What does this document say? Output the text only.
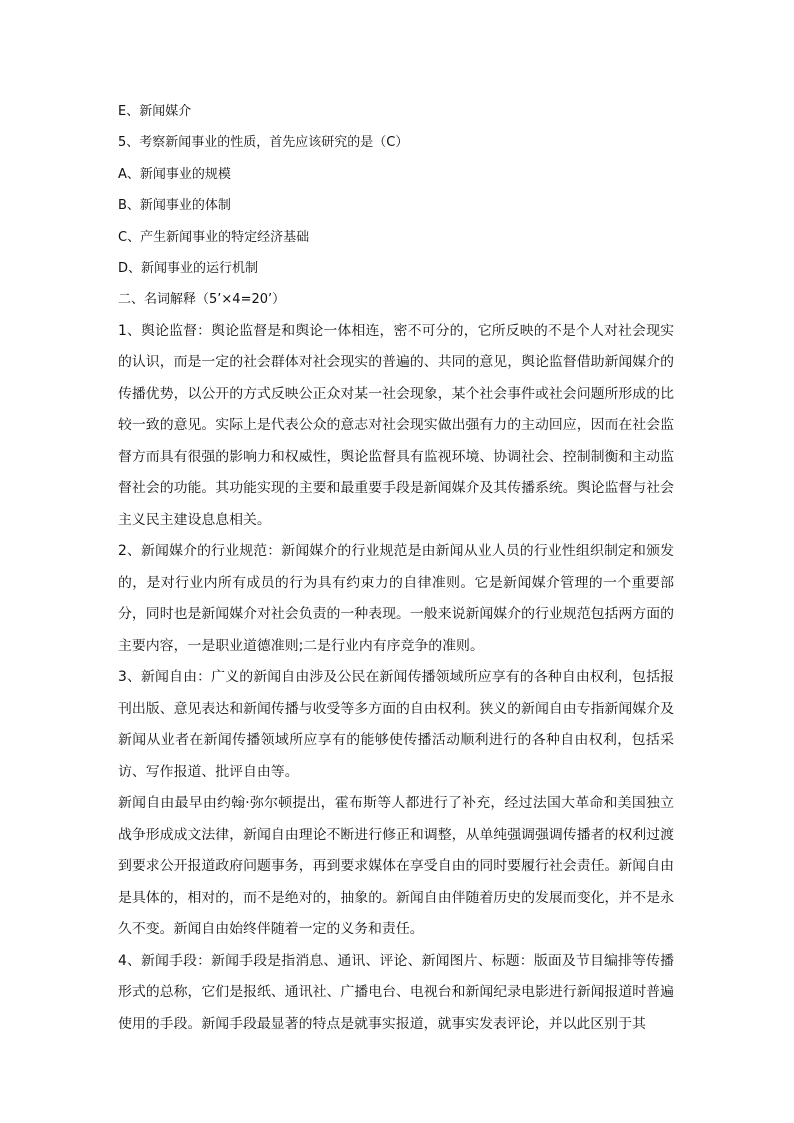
E、新闻媒介
5、考察新闻事业的性质，首先应该研究的是（C）
A、新闻事业的规模
B、新闻事业的体制
C、产生新闻事业的特定经济基础
D、新闻事业的运行机制
二、名词解释（5’×4=20’）

1、舆论监督：舆论监督是和舆论一体相连，密不可分的，它所反映的不是个人对社会现实的认识，而是一定的社会群体对社会现实的普遍的、共同的意见，舆论监督借助新闻媒介的传播优势，以公开的方式反映公正众对某一社会现象，某个社会事件或社会问题所形成的比较一致的意见。实际上是代表公众的意志对社会现实做出强有力的主动回应，因而在社会监督方而具有很强的影响力和权威性，舆论监督具有监视环境、协调社会、控制制衡和主动监督社会的功能。其功能实现的主要和最重要手段是新闻媒介及其传播系统。舆论监督与社会主义民主建设息息相关。

2、新闻媒介的行业规范：新闻媒介的行业规范是由新闻从业人员的行业性组织制定和颁发的，是对行业内所有成员的行为具有约束力的自律准则。它是新闻媒介管理的一个重要部分，同时也是新闻媒介对社会负责的一种表现。一般来说新闻媒介的行业规范包括两方面的主要内容，一是职业道德准则;二是行业内有序竞争的准则。

3、新闻自由：广义的新闻自由涉及公民在新闻传播领域所应享有的各种自由权利，包括报刊出版、意见表达和新闻传播与收受等多方面的自由权利。狭义的新闻自由专指新闻媒介及新闻从业者在新闻传播领域所应享有的能够使传播活动顺利进行的各种自由权利，包括采访、写作报道、批评自由等。

新闻自由最早由约翰·弥尔顿提出，霍布斯等人都进行了补充，经过法国大革命和美国独立战争形成成文法律，新闻自由理论不断进行修正和调整，从单纯强调强调传播者的权利过渡到要求公开报道政府问题事务，再到要求媒体在享受自由的同时要履行社会责任。新闻自由是具体的，相对的，而不是绝对的，抽象的。新闻自由伴随着历史的发展而变化，并不是永久不变。新闻自由始终伴随着一定的义务和责任。

4、新闻手段：新闻手段是指消息、通讯、评论、新闻图片、标题：版面及节目编排等传播形式的总称，它们是报纸、通讯社、广播电台、电视台和新闻纪录电影进行新闻报道时普遍使用的手段。新闻手段最显著的特点是就事实报道，就事实发表评论，并以此区别于其
